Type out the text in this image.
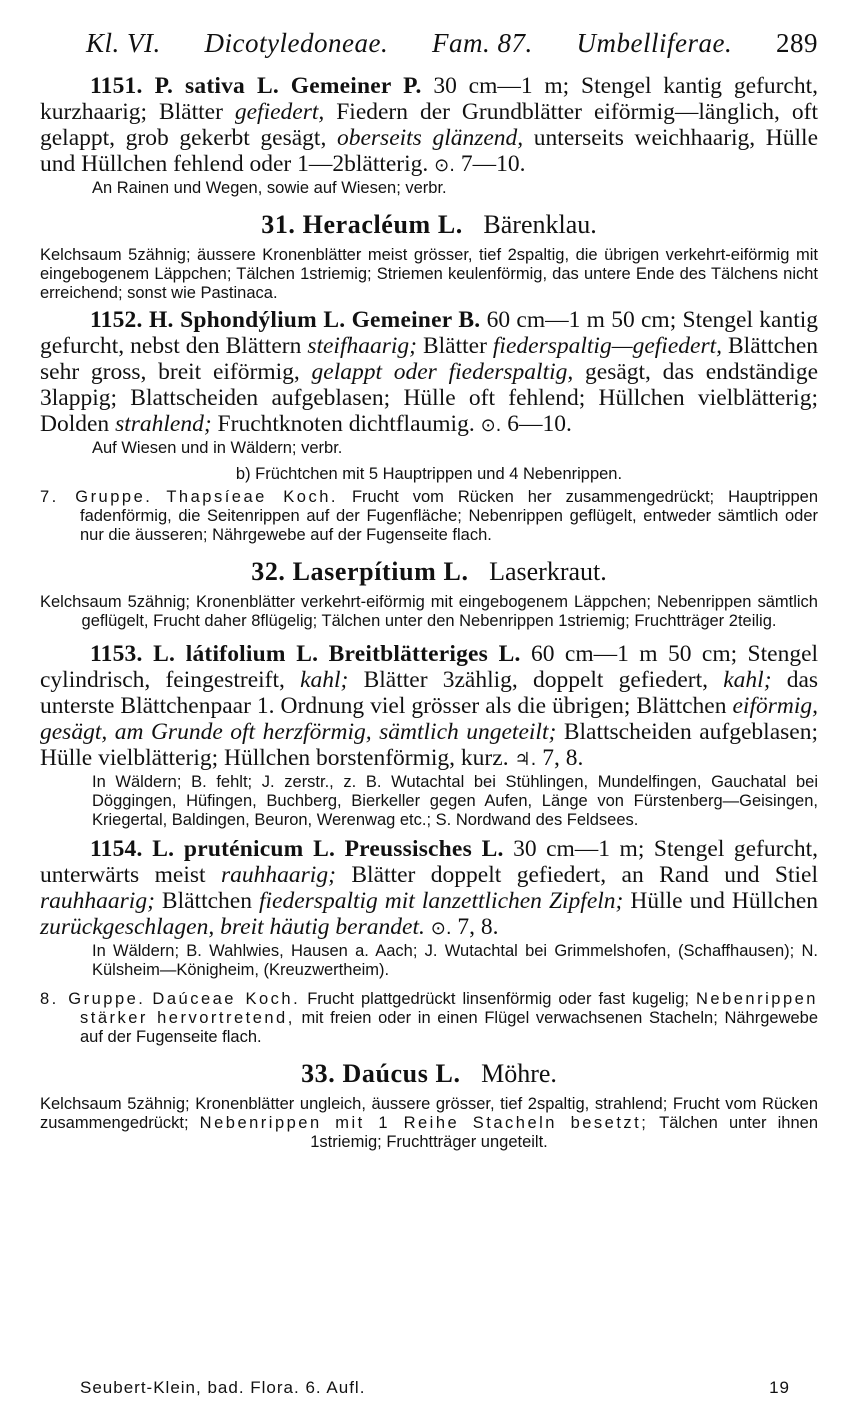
Kl. VI. Dicotyledoneae. Fam. 87. Umbelliferae. 289
1151. P. sativa L. Gemeiner P. 30 cm—1 m; Stengel kantig gefurcht, kurzhaarig; Blätter gefiedert, Fiedern der Grundblätter eiförmig—länglich, oft gelappt, grob gekerbt gesägt, oberseits glänzend, unterseits weichhaarig, Hülle und Hüllchen fehlend oder 1—2blätterig. ⊙. 7—10.
An Rainen und Wegen, sowie auf Wiesen; verbr.
31. Heracléum L. Bärenklau.
Kelchsaum 5zähnig; äussere Kronenblätter meist grösser, tief 2spaltig, die übrigen verkehrt-eiförmig mit eingebogenem Läppchen; Tälchen 1striemig; Striemen keulenförmig, das untere Ende des Tälchens nicht erreichend; sonst wie Pastinaca.
1152. H. Sphondýlium L. Gemeiner B. 60 cm—1 m 50 cm; Stengel kantig gefurcht, nebst den Blättern steifhaarig; Blätter fiederspaltig—gefiedert, Blättchen sehr gross, breit eiförmig, gelappt oder fiederspaltig, gesägt, das endständige 3lappig; Blattscheiden aufgeblasen; Hülle oft fehlend; Hüllchen vielblätterig; Dolden strahlend; Fruchtknoten dichtflaumig. ⊙. 6—10.
Auf Wiesen und in Wäldern; verbr.
b) Früchtchen mit 5 Hauptrippen und 4 Nebenrippen.
7. Gruppe. Thapsíeae Koch. Frucht vom Rücken her zusammengedrückt; Hauptrippen fadenförmig, die Seitenrippen auf der Fugenfläche; Nebenrippen geflügelt, entweder sämtlich oder nur die äusseren; Nährgewebe auf der Fugenseite flach.
32. Laserpítium L. Laserkraut.
Kelchsaum 5zähnig; Kronenblätter verkehrt-eiförmig mit eingebogenem Läppchen; Nebenrippen sämtlich geflügelt, Frucht daher 8flügelig; Tälchen unter den Nebenrippen 1striemig; Fruchtträger 2teilig.
1153. L. látifolium L. Breitblätteriges L. 60 cm—1 m 50 cm; Stengel cylindrisch, feingestreift, kahl; Blätter 3zählig, doppelt gefiedert, kahl; das unterste Blättchenpaar 1. Ordnung viel grösser als die übrigen; Blättchen eiförmig, gesägt, am Grunde oft herzförmig, sämtlich ungeteilt; Blattscheiden aufgeblasen; Hülle vielblätterig; Hüllchen borstenförmig, kurz. ♃. 7, 8.
In Wäldern; B. fehlt; J. zerstr., z. B. Wutachtal bei Stühlingen, Mundelfingen, Gauchatal bei Döggingen, Hüfingen, Buchberg, Bierkeller gegen Aufen, Länge von Fürstenberg—Geisingen, Kriegertal, Baldingen, Beuron, Werenwag etc.; S. Nordwand des Feldsees.
1154. L. pruténicum L. Preussisches L. 30 cm—1 m; Stengel gefurcht, unterwärts meist rauhhaarig; Blätter doppelt gefiedert, an Rand und Stiel rauhhaarig; Blättchen fiederspaltig mit lanzettlichen Zipfeln; Hülle und Hüllchen zurückgeschlagen, breit häutig berandet. ⊙. 7, 8.
In Wäldern; B. Wahlwies, Hausen a. Aach; J. Wutachtal bei Grimmelshofen, (Schaffhausen); N. Külsheim—Königheim, (Kreuzwertheim).
8. Gruppe. Daúceae Koch. Frucht plattgedrückt linsenförmig oder fast kugelig; Nebenrippen stärker hervortretend, mit freien oder in einen Flügel verwachsenen Stacheln; Nährgewebe auf der Fugenseite flach.
33. Daúcus L. Möhre.
Kelchsaum 5zähnig; Kronenblätter ungleich, äussere grösser, tief 2spaltig, strahlend; Frucht vom Rücken zusammengedrückt; Nebenrippen mit 1 Reihe Stacheln besetzt; Tälchen unter ihnen 1striemig; Fruchtträger ungeteilt.
Seubert-Klein, bad. Flora. 6. Aufl.	19
